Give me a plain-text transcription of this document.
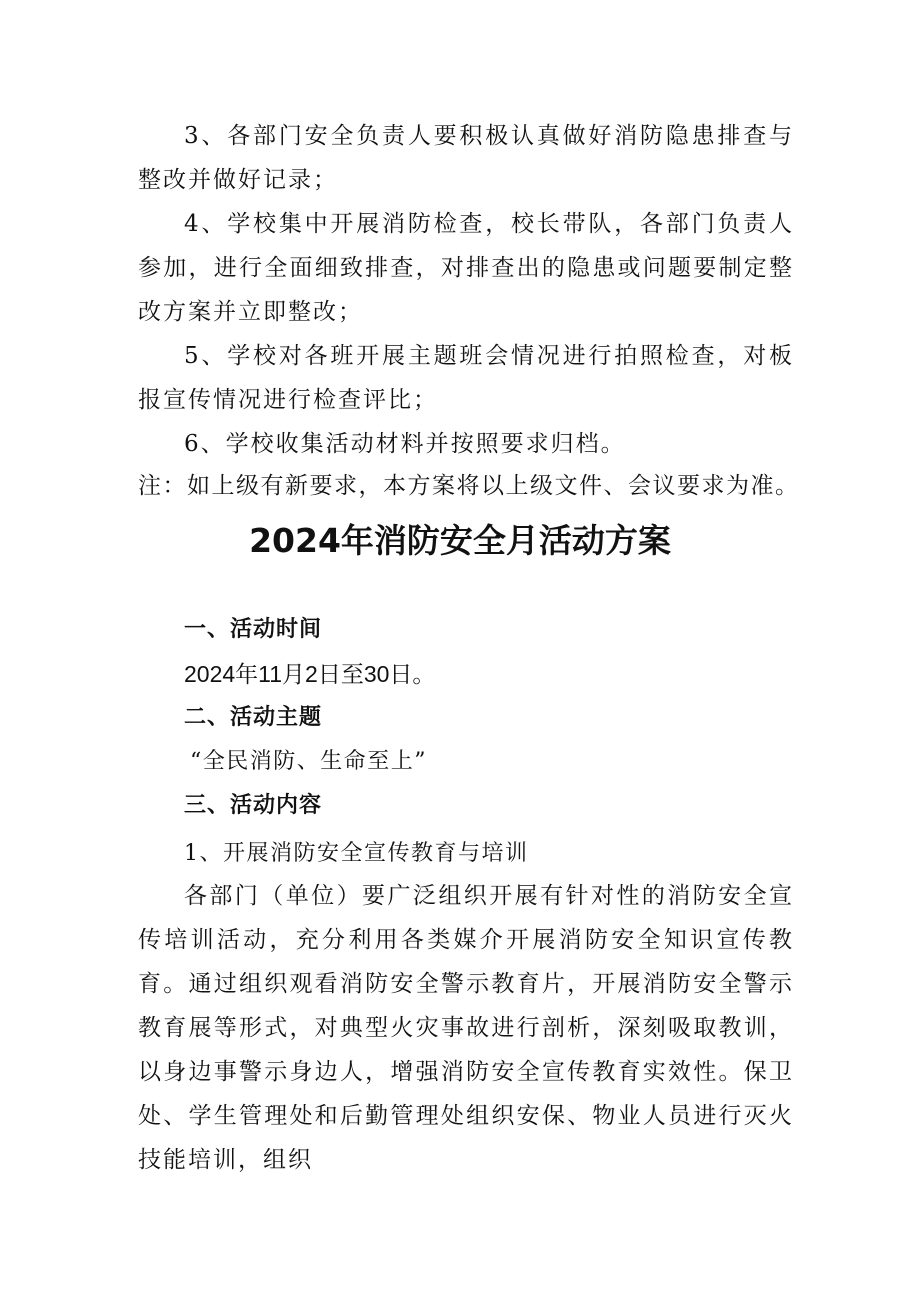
3、各部门安全负责人要积极认真做好消防隐患排查与整改并做好记录；

4、学校集中开展消防检查，校长带队，各部门负责人参加，进行全面细致排查，对排查出的隐患或问题要制定整改方案并立即整改；

5、学校对各班开展主题班会情况进行拍照检查，对板报宣传情况进行检查评比；

6、学校收集活动材料并按照要求归档。

注：如上级有新要求，本方案将以上级文件、会议要求为准。

2024年消防安全月活动方案
一、活动时间

2024年11月2日至30日。

二、活动主题

“全民消防、生命至上”

三、活动内容

1、开展消防安全宣传教育与培训

各部门（单位）要广泛组织开展有针对性的消防安全宣传培训活动，充分利用各类媒介开展消防安全知识宣传教育。通过组织观看消防安全警示教育片，开展消防安全警示教育展等形式，对典型火灾事故进行剖析，深刻吸取教训，以身边事警示身边人，增强消防安全宣传教育实效性。保卫处、学生管理处和后勤管理处组织安保、物业人员进行灭火技能培训，组织
